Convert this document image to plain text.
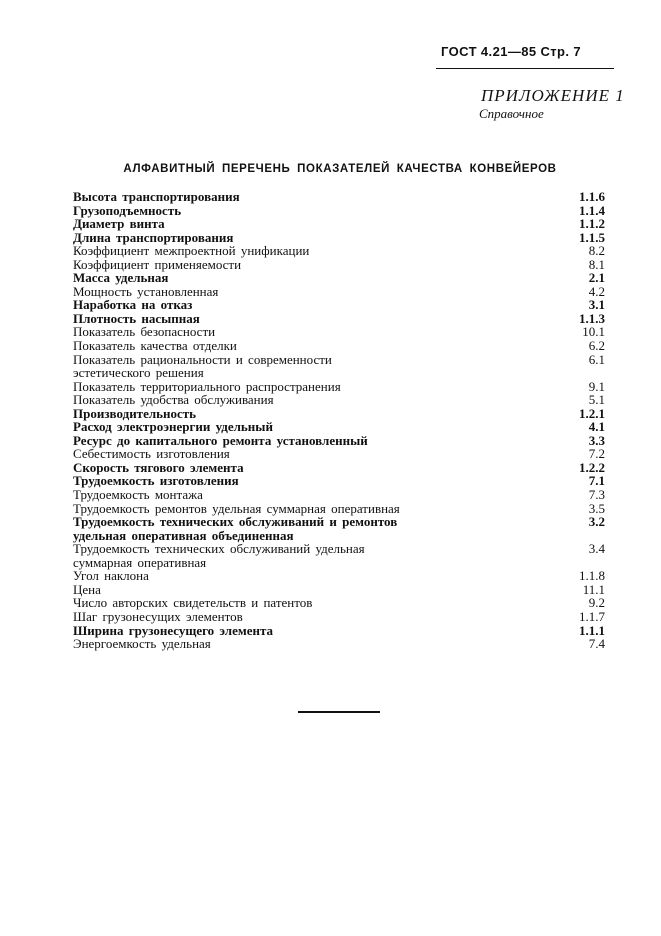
ГОСТ 4.21—85 Стр. 7
ПРИЛОЖЕНИЕ 1
Справочное
АЛФАВИТНЫЙ ПЕРЕЧЕНЬ ПОКАЗАТЕЛЕЙ КАЧЕСТВА КОНВЕЙЕРОВ
Высота транспортирования	1.1.6
Грузоподъемность	1.1.4
Диаметр винта	1.1.2
Длина транспортирования	1.1.5
Коэффициент межпроектной унификации	8.2
Коэффициент применяемости	8.1
Масса удельная	2.1
Мощность установленная	4.2
Наработка на отказ	3.1
Плотность насыпная	1.1.3
Показатель безопасности	10.1
Показатель качества отделки	6.2
Показатель рациональности и современности эстетического решения
6.1
Показатель территориального распространения	9.1
Показатель удобства обслуживания	5.1
Производительность	1.2.1
Расход электроэнергии удельный	4.1
Ресурс до капитального ремонта установленный	3.3
Себестимость изготовления	7.2
Скорость тягового элемента	1.2.2
Трудоемкость изготовления	7.1
Трудоемкость монтажа	7.3
Трудоемкость ремонтов удельная суммарная оперативная	3.5
Трудоемкость технических обслуживаний и ремонтов удельная оперативная объединенная
3.2
Трудоемкость технических обслуживаний удельная суммарная оперативная
3.4
Угол наклона	1.1.8
Цена	11.1
Число авторских свидетельств и патентов	9.2
Шаг грузонесущих элементов	1.1.7
Ширина грузонесущего элемента	1.1.1
Энергоемкость удельная	7.4
